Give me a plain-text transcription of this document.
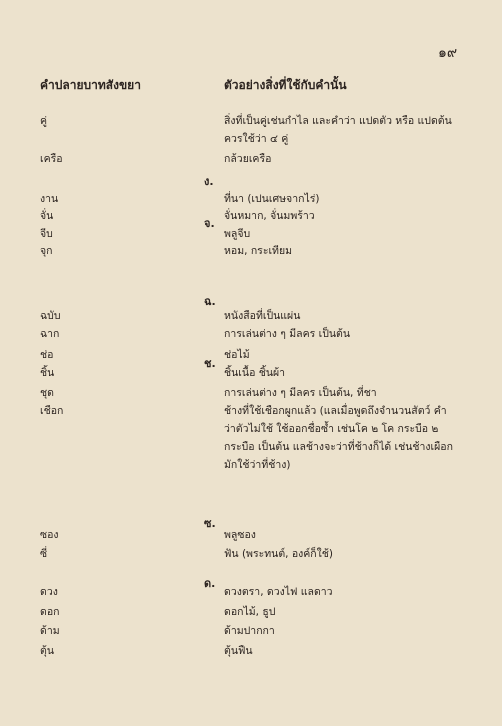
๑๙
คำปลายบาทสังขยา	ตัวอย่างสิ่งที่ใช้กับคำนั้น
คู่	สิ่งที่เป็นคู่เช่นกำไล และคำว่า แปดตัว หรือ แปดต้น
ควรใช้ว่า ๔ คู่
เครือ	กล้วยเครือ
งาน	ที่นา (เปนเศษจากไร่)
จั่น	จั่นหมาก, จั่นมพร้าว
จีบ	พลูจีบ
จุก	หอม, กระเทียม
ฉบับ	หนังสือที่เป็นแผ่น
ฉาก	การเล่นต่าง ๆ มีลคร เป็นต้น
ช่อ	ช่อไม้
ชิ้น	ชิ้นเนื้อ ชิ้นผ้า
ชุด	การเล่นต่าง ๆ มีลคร เป็นต้น, ที่ชา
เชือก	ช้างที่ใช้เชือกผูกแล้ว (แลเมื่อพูดถึงจำนวนสัตว์ คำ
ว่าตัวไม่ใช้ ใช้ออกชื่อซ้ำ เช่นโค ๒ โค กระบือ ๒
กระบือ เป็นต้น แลช้างจะว่าที่ช้างก็ได้ เช่นช้างเผือก
มักใช้ว่าที่ช้าง)
ซอง	พลูซอง
ซี่	ฟัน (พระทนต์, องค์ก็ใช้)
ดวง	ดวงตรา, ดวงไฟ แลดาว
ดอก	ดอกไม้, ธูป
ด้าม	ด้ามปากกา
ตุ้น	ตุ้นฟืน
ง.
จ.
ฉ.
ช.
ซ.
ด.
